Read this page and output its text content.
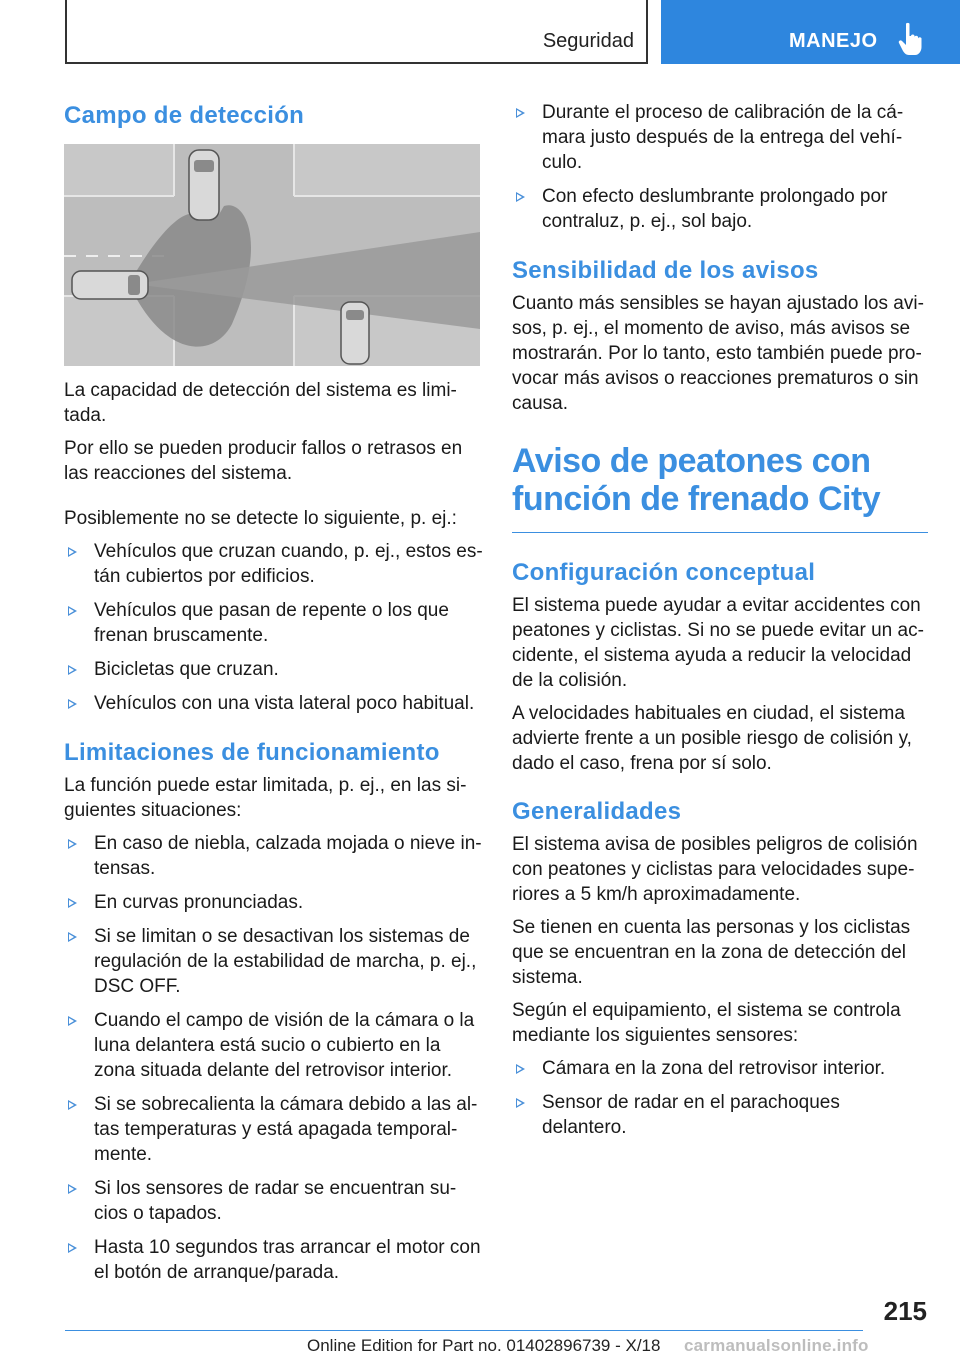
Seguridad	MANEJO
Campo de detección

La capacidad de detección del sistema es limi-tada.

Por ello se pueden producir fallos o retrasos en las reacciones del sistema.

Posiblemente no se detecte lo siguiente, p. ej.:

Vehículos que cruzan cuando, p. ej., estos es-tán cubiertos por edificios.
Vehículos que pasan de repente o los que frenan bruscamente.
Bicicletas que cruzan.
Vehículos con una vista lateral poco habitual.
Limitaciones de funcionamiento

La función puede estar limitada, p. ej., en las si-guientes situaciones:

En caso de niebla, calzada mojada o nieve in-tensas.
En curvas pronunciadas.
Si se limitan o se desactivan los sistemas de regulación de la estabilidad de marcha, p. ej., DSC OFF.
Cuando el campo de visión de la cámara o la luna delantera está sucio o cubierto en la zona situada delante del retrovisor interior.
Si se sobrecalienta la cámara debido a las al-tas temperaturas y está apagada temporal-mente.
Si los sensores de radar se encuentran su-cios o tapados.
Hasta 10 segundos tras arrancar el motor con el botón de arranque/parada.
Durante el proceso de calibración de la cá-mara justo después de la entrega del vehí-culo.
Con efecto deslumbrante prolongado por contraluz, p. ej., sol bajo.
Sensibilidad de los avisos

Cuanto más sensibles se hayan ajustado los avi-sos, p. ej., el momento de aviso, más avisos se mostrarán. Por lo tanto, esto también puede pro-vocar más avisos o reacciones prematuros o sin causa.

Aviso de peatones con función de frenado City
Configuración conceptual

El sistema puede ayudar a evitar accidentes con peatones y ciclistas. Si no se puede evitar un ac-cidente, el sistema ayuda a reducir la velocidad de la colisión.

A velocidades habituales en ciudad, el sistema advierte frente a un posible riesgo de colisión y, dado el caso, frena por sí solo.

Generalidades

El sistema avisa de posibles peligros de colisión con peatones y ciclistas para velocidades supe-riores a 5 km/h aproximadamente.

Se tienen en cuenta las personas y los ciclistas que se encuentran en la zona de detección del sistema.

Según el equipamiento, el sistema se controla mediante los siguientes sensores:

Cámara en la zona del retrovisor interior.
Sensor de radar en el parachoques delantero.
215
Online Edition for Part no. 01402896739 - X/18 carmanualsonline.info
